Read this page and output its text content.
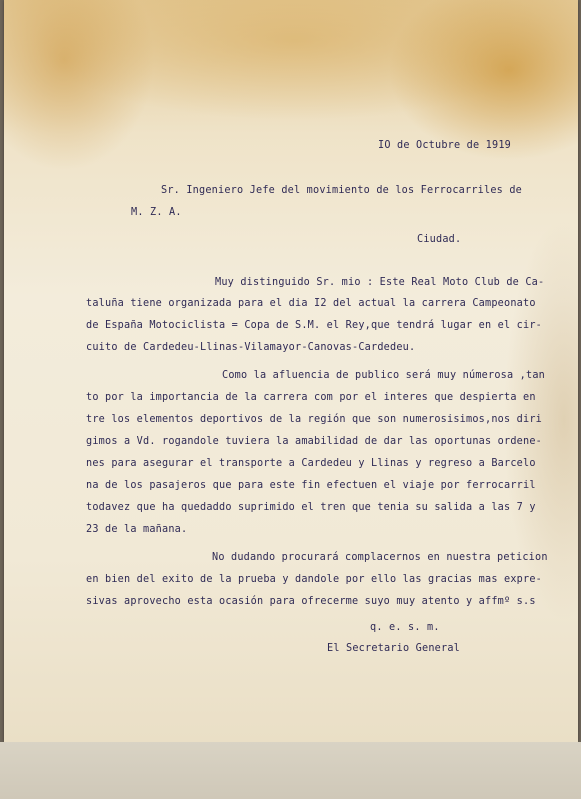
IO de Octubre de 1919
Sr. Ingeniero Jefe del movimiento de los Ferrocarriles de
M. Z. A.
Ciudad.
Muy distinguido Sr. mio : Este Real Moto Club de Ca-
taluña tiene organizada para el dia I2 del actual la carrera Campeonato
de España Motociclista = Copa de S.M. el Rey,que tendrá lugar en el cir-
cuito de Cardedeu-Llinas-Vilamayor-Canovas-Cardedeu.
Como la afluencia de publico será muy númerosa ,tan
to por la importancia de la carrera com por el interes que despierta en
tre los elementos deportivos de la región que son numerosisimos,nos diri
gimos a Vd. rogandole tuviera la amabilidad de dar las oportunas ordene-
nes para asegurar el transporte a Cardedeu y Llinas y regreso a Barcelo
na de los pasajeros que para este fin efectuen el viaje por ferrocarril
todavez que ha quedaddo suprimido el tren que tenia su salida a las 7 y
23 de la mañana.
No dudando procurará complacernos en nuestra peticion
en bien del exito de la prueba y dandole por ello las gracias mas expre-
sivas aprovecho esta ocasión para ofrecerme suyo muy atento y affmº s.s
q. e. s. m.
El Secretario General
